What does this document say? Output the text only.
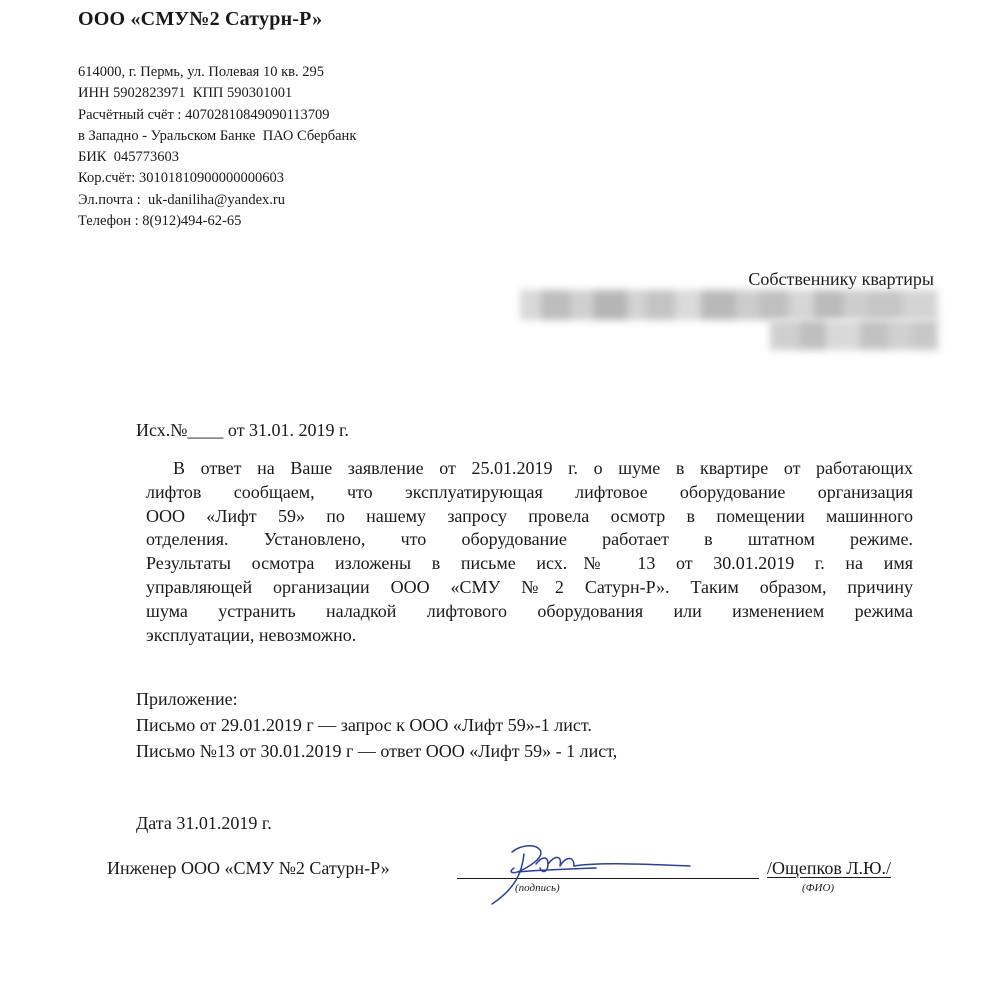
ООО «СМУ№2 Сатурн-Р»
614000, г. Пермь, ул. Полевая 10 кв. 295
ИНН 5902823971  КПП 590301001
Расчётный счёт : 40702810849090113709
в Западно - Уральском Банке  ПАО Сбербанк
БИК  045773603
Кор.счёт: 30101810900000000603
Эл.почта :  uk-daniliha@yandex.ru
Телефон : 8(912)494-62-65
Собственнику квартиры
Исх.№____ от 31.01. 2019 г.
В ответ на Ваше заявление от 25.01.2019 г. о шуме в квартире от работающих
лифтов сообщаем, что эксплуатирующая лифтовое оборудование организация
ООО «Лифт 59» по нашему запросу провела осмотр в помещении машинного
отделения. Установлено, что оборудование работает в штатном режиме.
Результаты осмотра изложены в письме исх.№ 13 от 30.01.2019 г. на имя
управляющей организации ООО «СМУ №2 Сатурн-Р». Таким образом, причину
шума устранить наладкой лифтового оборудования или изменением режима
эксплуатации, невозможно.
Приложение:
Письмо от 29.01.2019 г — запрос к ООО «Лифт 59»-1 лист.
Письмо №13 от 30.01.2019 г — ответ ООО «Лифт 59» - 1 лист,
Дата 31.01.2019 г.
Инженер ООО «СМУ №2 Сатурн-Р»
(подпись)
/Ощепков Л.Ю./
(ФИО)
